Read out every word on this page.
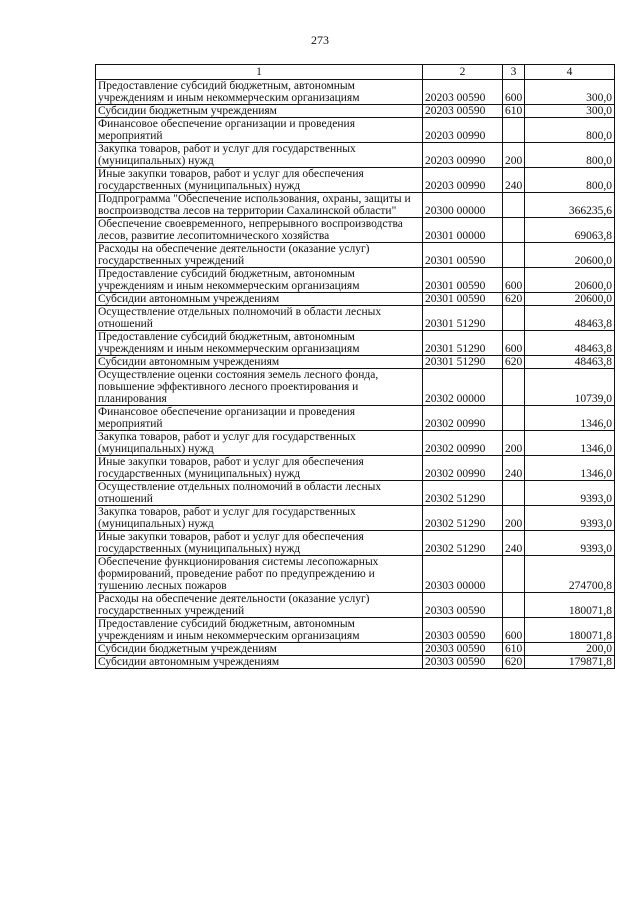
273
1	2	3	4
Предоставление субсидий бюджетным, автономным учреждениям и иным некоммерческим организациям	20203 00590	600	300,0
Субсидии бюджетным учреждениям	20203 00590	610	300,0
Финансовое обеспечение организации и проведения мероприятий	20203 00990		800,0
Закупка товаров, работ и услуг для государственных (муниципальных) нужд	20203 00990	200	800,0
Иные закупки товаров, работ и услуг для обеспечения государственных (муниципальных) нужд	20203 00990	240	800,0
Подпрограмма "Обеспечение использования, охраны, защиты и воспроизводства лесов на территории Сахалинской области"	20300 00000		366235,6
Обеспечение своевременного, непрерывного воспроизводства лесов, развитие лесопитомнического хозяйства	20301 00000		69063,8
Расходы на обеспечение деятельности (оказание услуг) государственных учреждений	20301 00590		20600,0
Предоставление субсидий бюджетным, автономным учреждениям и иным некоммерческим организациям	20301 00590	600	20600,0
Субсидии автономным учреждениям	20301 00590	620	20600,0
Осуществление отдельных полномочий в области лесных отношений	20301 51290		48463,8
Предоставление субсидий бюджетным, автономным учреждениям и иным некоммерческим организациям	20301 51290	600	48463,8
Субсидии автономным учреждениям	20301 51290	620	48463,8
Осуществление оценки состояния земель лесного фонда, повышение эффективного лесного проектирования и планирования	20302 00000		10739,0
Финансовое обеспечение организации и проведения мероприятий	20302 00990		1346,0
Закупка товаров, работ и услуг для государственных (муниципальных) нужд	20302 00990	200	1346,0
Иные закупки товаров, работ и услуг для обеспечения государственных (муниципальных) нужд	20302 00990	240	1346,0
Осуществление отдельных полномочий в области лесных отношений	20302 51290		9393,0
Закупка товаров, работ и услуг для государственных (муниципальных) нужд	20302 51290	200	9393,0
Иные закупки товаров, работ и услуг для обеспечения государственных (муниципальных) нужд	20302 51290	240	9393,0
Обеспечение функционирования системы лесопожарных формирований, проведение работ по предупреждению и тушению лесных пожаров	20303 00000		274700,8
Расходы на обеспечение деятельности (оказание услуг) государственных учреждений	20303 00590		180071,8
Предоставление субсидий бюджетным, автономным учреждениям и иным некоммерческим организациям	20303 00590	600	180071,8
Субсидии бюджетным учреждениям	20303 00590	610	200,0
Субсидии автономным учреждениям	20303 00590	620	179871,8
